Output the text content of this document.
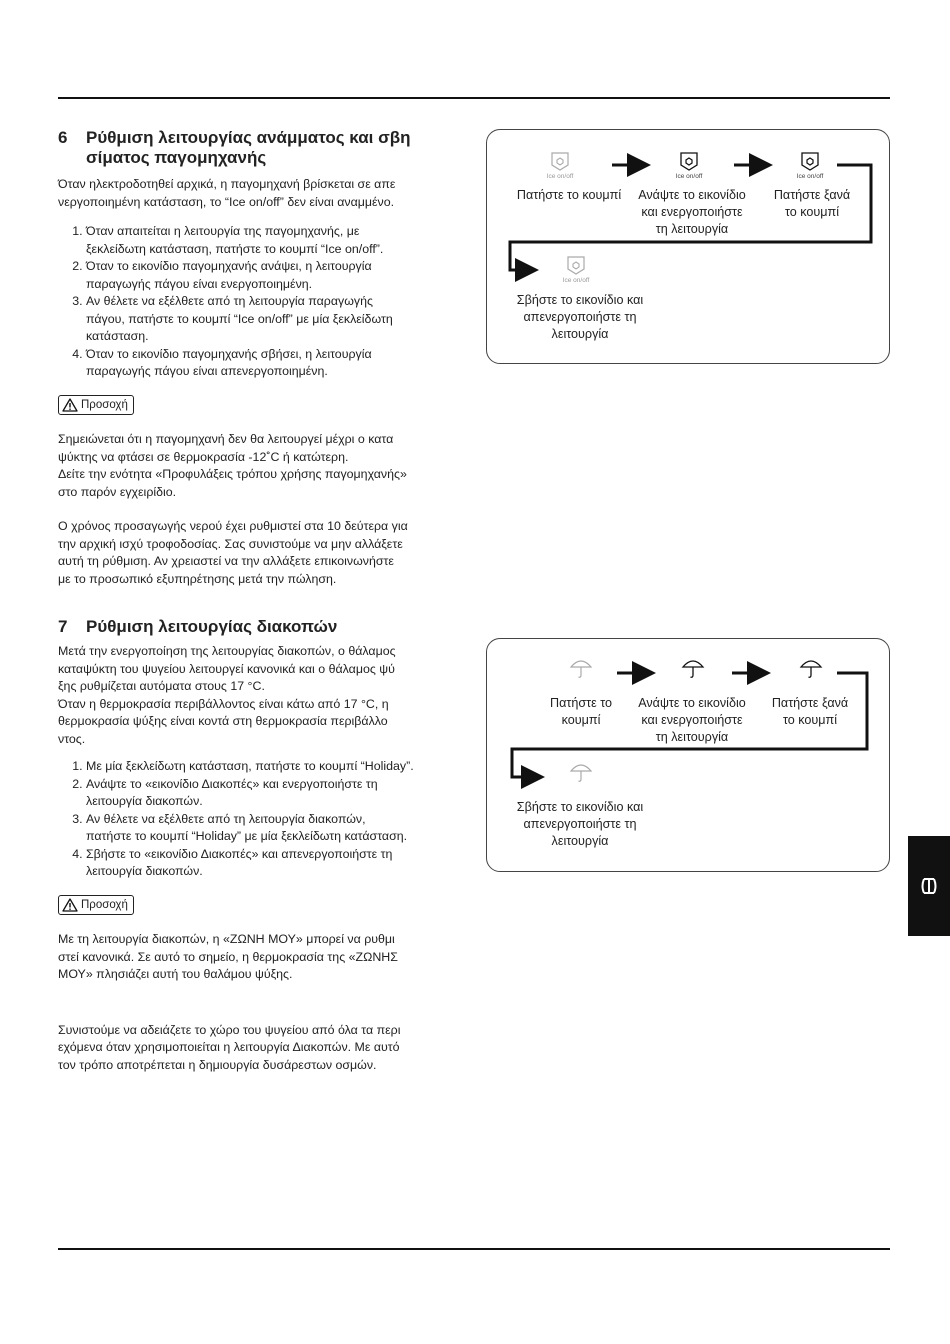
6	Ρύθμιση λειτουργίας ανάμματος και σβη
σίματος παγομηχανής

Όταν ηλεκτροδοτηθεί αρχικά, η παγομηχανή βρίσκεται σε απε
νεργοποιημένη κατάσταση, το “Ice on/off” δεν είναι αναμμένο.

1. Όταν απαιτείται η λειτουργία της παγομηχανής, με
ξεκλείδωτη κατάσταση, πατήστε το κουμπί “Ice on/off”.
2. Όταν το εικονίδιο παγομηχανής ανάψει, η λειτουργία
παραγωγής πάγου είναι ενεργοποιημένη.
3. Αν θέλετε να εξέλθετε από τη λειτουργία παραγωγής
πάγου, πατήστε το κουμπί “Ice on/off” με μία ξεκλείδωτη
κατάσταση.
4. Όταν το εικονίδιο παγομηχανής σβήσει, η λειτουργία
παραγωγής πάγου είναι απενεργοποιημένη.
Προσοχή

Σημειώνεται ότι η παγομηχανή δεν θα λειτουργεί μέχρι ο κατα
ψύκτης να φτάσει σε θερμοκρασία -12˚C ή κατώτερη.
Δείτε την ενότητα «Προφυλάξεις τρόπου χρήσης παγομηχανής»
στο παρόν εγχειρίδιο.

Ο χρόνος προσαγωγής νερού έχει ρυθμιστεί στα 10 δεύτερα για
την αρχική ισχύ τροφοδοσίας. Σας συνιστούμε να μην αλλάξετε
αυτή τη ρύθμιση. Αν χρειαστεί να την αλλάξετε επικοινωνήστε
με το προσωπικό εξυπηρέτησης μετά την πώληση.

7	Ρύθμιση λειτουργίας διακοπών

Μετά την ενεργοποίηση της λειτουργίας διακοπών, ο θάλαμος
καταψύκτη του ψυγείου λειτουργεί κανονικά και ο θάλαμος ψύ
ξης ρυθμίζεται αυτόματα στους 17 °C.
Όταν η θερμοκρασία περιβάλλοντος είναι κάτω από 17 °C, η
θερμοκρασία ψύξης είναι κοντά στη θερμοκρασία περιβάλλο
ντος.

1. Με μία ξεκλείδωτη κατάσταση, πατήστε το κουμπί “Holiday”.
2. Ανάψτε το «εικονίδιο Διακοπές» και ενεργοποιήστε τη
λειτουργία διακοπών.
3. Αν θέλετε να εξέλθετε από τη λειτουργία διακοπών,
πατήστε το κουμπί “Holiday” με μία ξεκλείδωτη κατάσταση.
4. Σβήστε το «εικονίδιο Διακοπές» και απενεργοποιήστε τη
λειτουργία διακοπών.
Προσοχή

Με τη λειτουργία διακοπών, η «ΖΩΝΗ ΜΟΥ» μπορεί να ρυθμι
στεί κανονικά. Σε αυτό το σημείο, η θερμοκρασία της «ΖΩΝΗΣ
ΜΟΥ» πλησιάζει αυτή του θαλάμου ψύξης.

Συνιστούμε να αδειάζετε το χώρο του ψυγείου από όλα τα περι
εχόμενα όταν χρησιμοποιείται η λειτουργία Διακοπών. Με αυτό
τον τρόπο αποτρέπεται η δημιουργία δυσάρεστων οσμών.

Ice on/off	Ice on/off	Ice on/off
Ice on/off
Πατήστε το κουμπί	Ανάψτε το εικονίδιο
και ενεργοποιήστε
τη λειτουργία
Πατήστε ξανά
το κουμπί
Σβήστε το εικονίδιο και
απενεργοποιήστε τη
λειτουργία
Πατήστε το
κουμπί
Ανάψτε το εικονίδιο
και ενεργοποιήστε
τη λειτουργία
Πατήστε ξανά
το κουμπί
Σβήστε το εικονίδιο και
απενεργοποιήστε τη
λειτουργία
